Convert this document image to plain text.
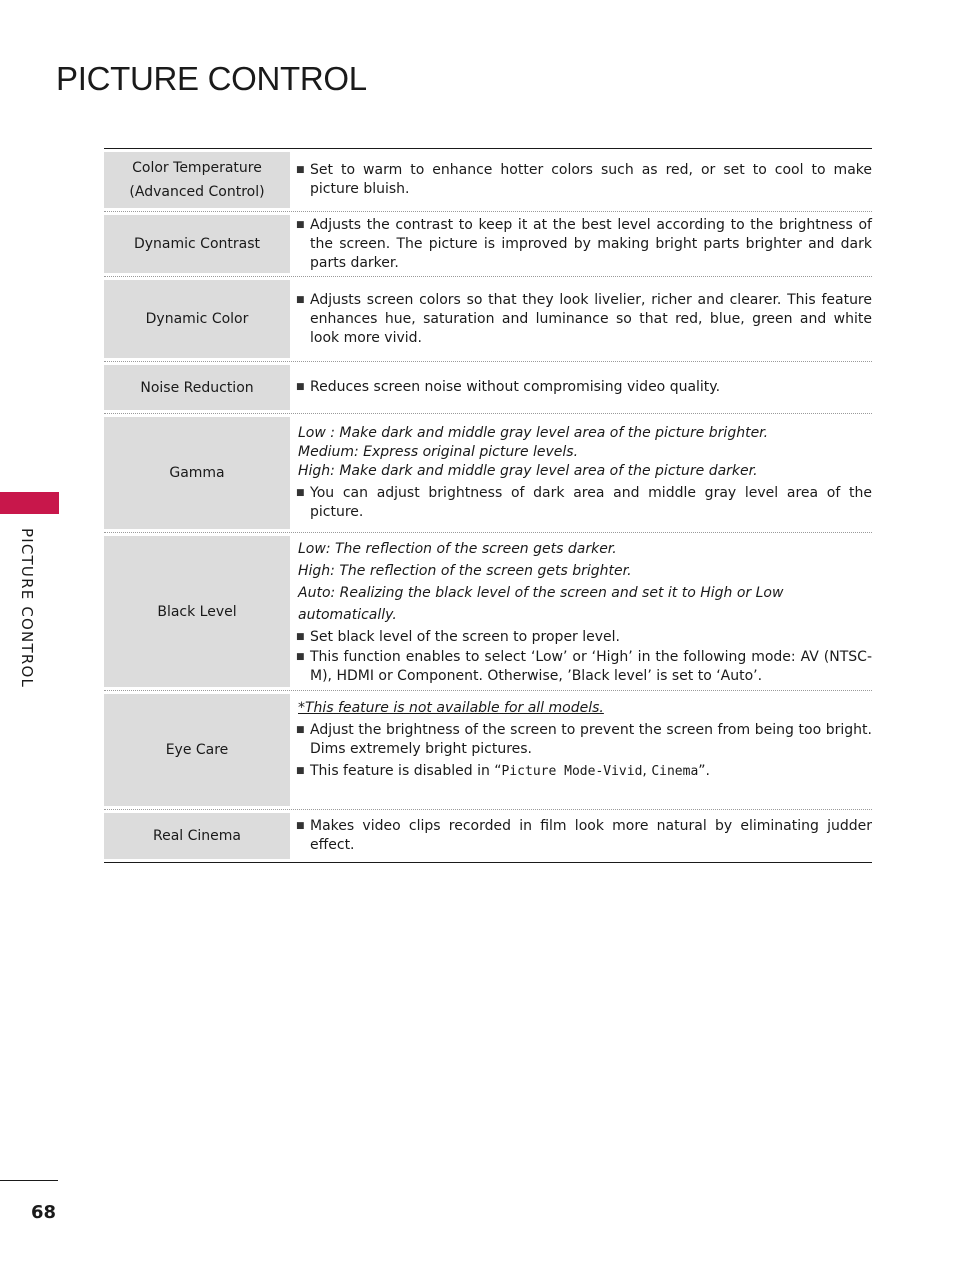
PICTURE CONTROL
PICTURE CONTROL
Color Temperature
(Advanced Control)
■ Set to warm to enhance hotter colors such as red, or set to cool to make picture bluish.
Dynamic Contrast
■ Adjusts the contrast to keep it at the best level according to the brightness of the screen. The picture is improved by making bright parts brighter and dark parts darker.
Dynamic Color
■ Adjusts screen colors so that they look livelier, richer and clearer. This feature enhances hue, saturation and luminance so that red, blue, green and white look more vivid.
Noise Reduction	■ Reduces screen noise without compromising video quality.
Gamma
Low : Make dark and middle gray level area of the picture brighter.
Medium: Express original picture levels.
High: Make dark and middle gray level area of the picture darker.
■ You can adjust brightness of dark area and middle gray level area of the picture.
Black Level
Low: The reflection of the screen gets darker.
High: The reflection of the screen gets brighter.
Auto: Realizing the black level of the screen and set it to High or Low automatically.
■ Set black level of the screen to proper level.
■ This function enables to select ‘Low’ or ‘High’ in the following mode: AV (NTSC-M), HDMI or Component. Otherwise, ’Black level’ is set to ‘Auto’.
Eye Care
*This feature is not available for all models.
■ Adjust the brightness of the screen to prevent the screen from being too bright. Dims extremely bright pictures.
■ This feature is disabled in “Picture Mode-Vivid, Cinema”.
Real Cinema
■ Makes video clips recorded in film look more natural by eliminating judder effect.
68
